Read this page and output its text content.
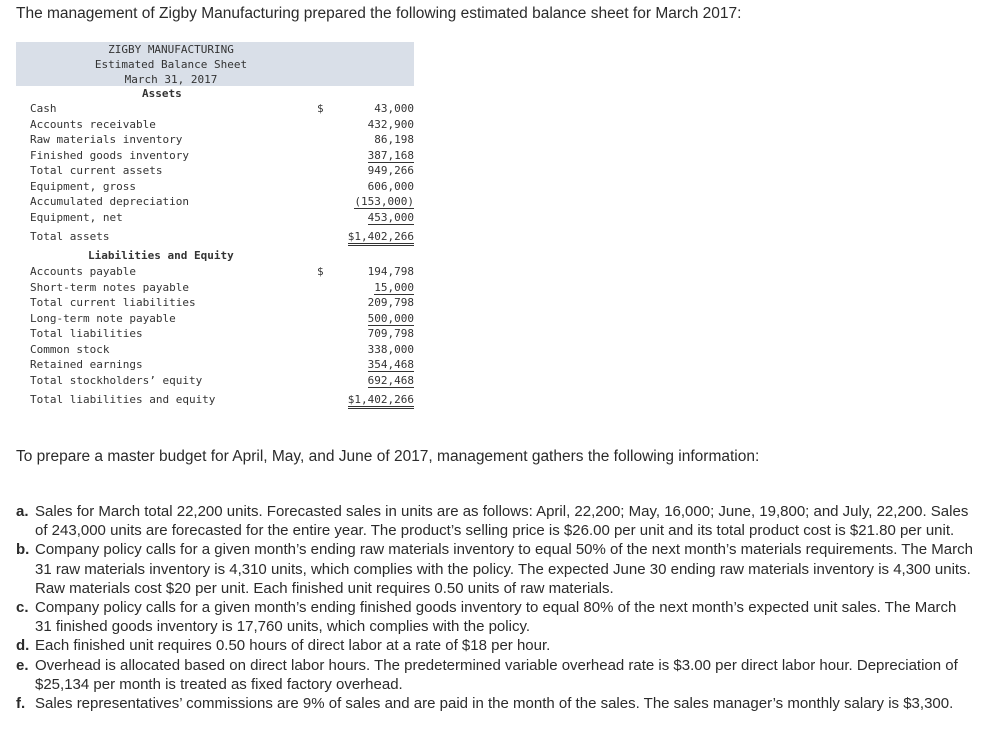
The management of Zigby Manufacturing prepared the following estimated balance sheet for March 2017:
ZIGBY MANUFACTURING
Estimated Balance Sheet
March 31, 2017
Assets
Cash	$	43,000
Accounts receivable	432,900
Raw materials inventory	86,198
Finished goods inventory	387,168
Total current assets	949,266
Equipment, gross	606,000
Accumulated depreciation	(153,000)
Equipment, net	453,000
Total assets	$1,402,266
Liabilities and Equity
Accounts payable	$	194,798
Short-term notes payable	15,000
Total current liabilities	209,798
Long-term note payable	500,000
Total liabilities	709,798
Common stock	338,000
Retained earnings	354,468
Total stockholders’ equity	692,468
Total liabilities and equity	$1,402,266
To prepare a master budget for April, May, and June of 2017, management gathers the following information:
a. Sales for March total 22,200 units. Forecasted sales in units are as follows: April, 22,200; May, 16,000; June, 19,800; and July, 22,200. Sales of 243,000 units are forecasted for the entire year. The product’s selling price is $26.00 per unit and its total product cost is $21.80 per unit.
b. Company policy calls for a given month’s ending raw materials inventory to equal 50% of the next month’s materials requirements. The March 31 raw materials inventory is 4,310 units, which complies with the policy. The expected June 30 ending raw materials inventory is 4,300 units. Raw materials cost $20 per unit. Each finished unit requires 0.50 units of raw materials.
c. Company policy calls for a given month’s ending finished goods inventory to equal 80% of the next month’s expected unit sales. The March 31 finished goods inventory is 17,760 units, which complies with the policy.
d. Each finished unit requires 0.50 hours of direct labor at a rate of $18 per hour.
e. Overhead is allocated based on direct labor hours. The predetermined variable overhead rate is $3.00 per direct labor hour. Depreciation of $25,134 per month is treated as fixed factory overhead.
f. Sales representatives’ commissions are 9% of sales and are paid in the month of the sales. The sales manager’s monthly salary is $3,300.
